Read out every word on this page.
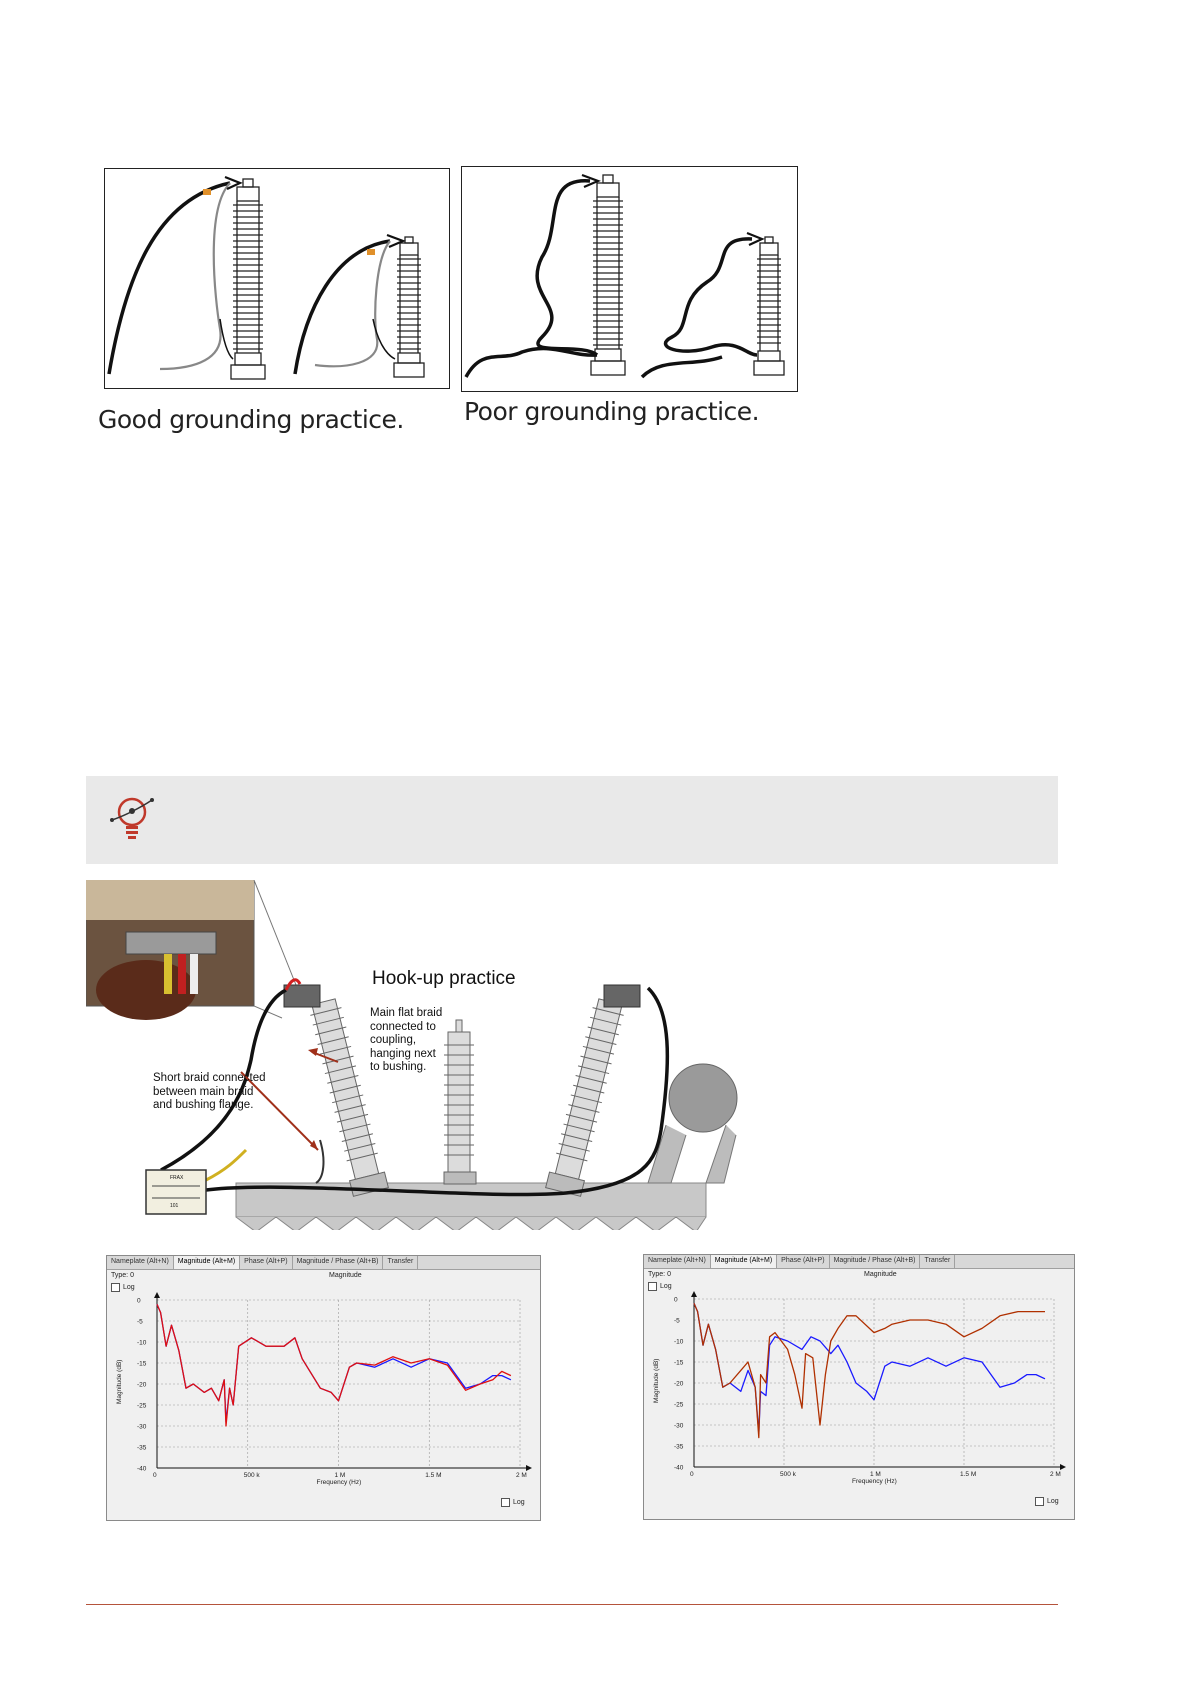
Good grounding practice. Poor grounding practice.
FRAX
101
Hook-up practice
Main flat braid
connected to
coupling,
hanging next
to bushing.
Short braid connected
between main braid
and bushing flange.
Nameplate (Alt+N)	Magnitude (Alt+M)	Phase (Alt+P)	Magnitude / Phase (Alt+B)	Transfer
Type: 0	Magnitude
Log
Log
0
-5
-10
-15
-20
-25
-30
-35
-40
0	500 k	1 M	1.5 M	2 M
Frequency (Hz)
Magnitude (dB)
Nameplate (Alt+N)	Magnitude (Alt+M)	Phase (Alt+P)	Magnitude / Phase (Alt+B)	Transfer
Type: 0	Magnitude
Log
Log
0
-5
-10
-15
-20
-25
-30
-35
-40
0	500 k	1 M	1.5 M	2 M
Frequency (Hz)
Magnitude (dB)
